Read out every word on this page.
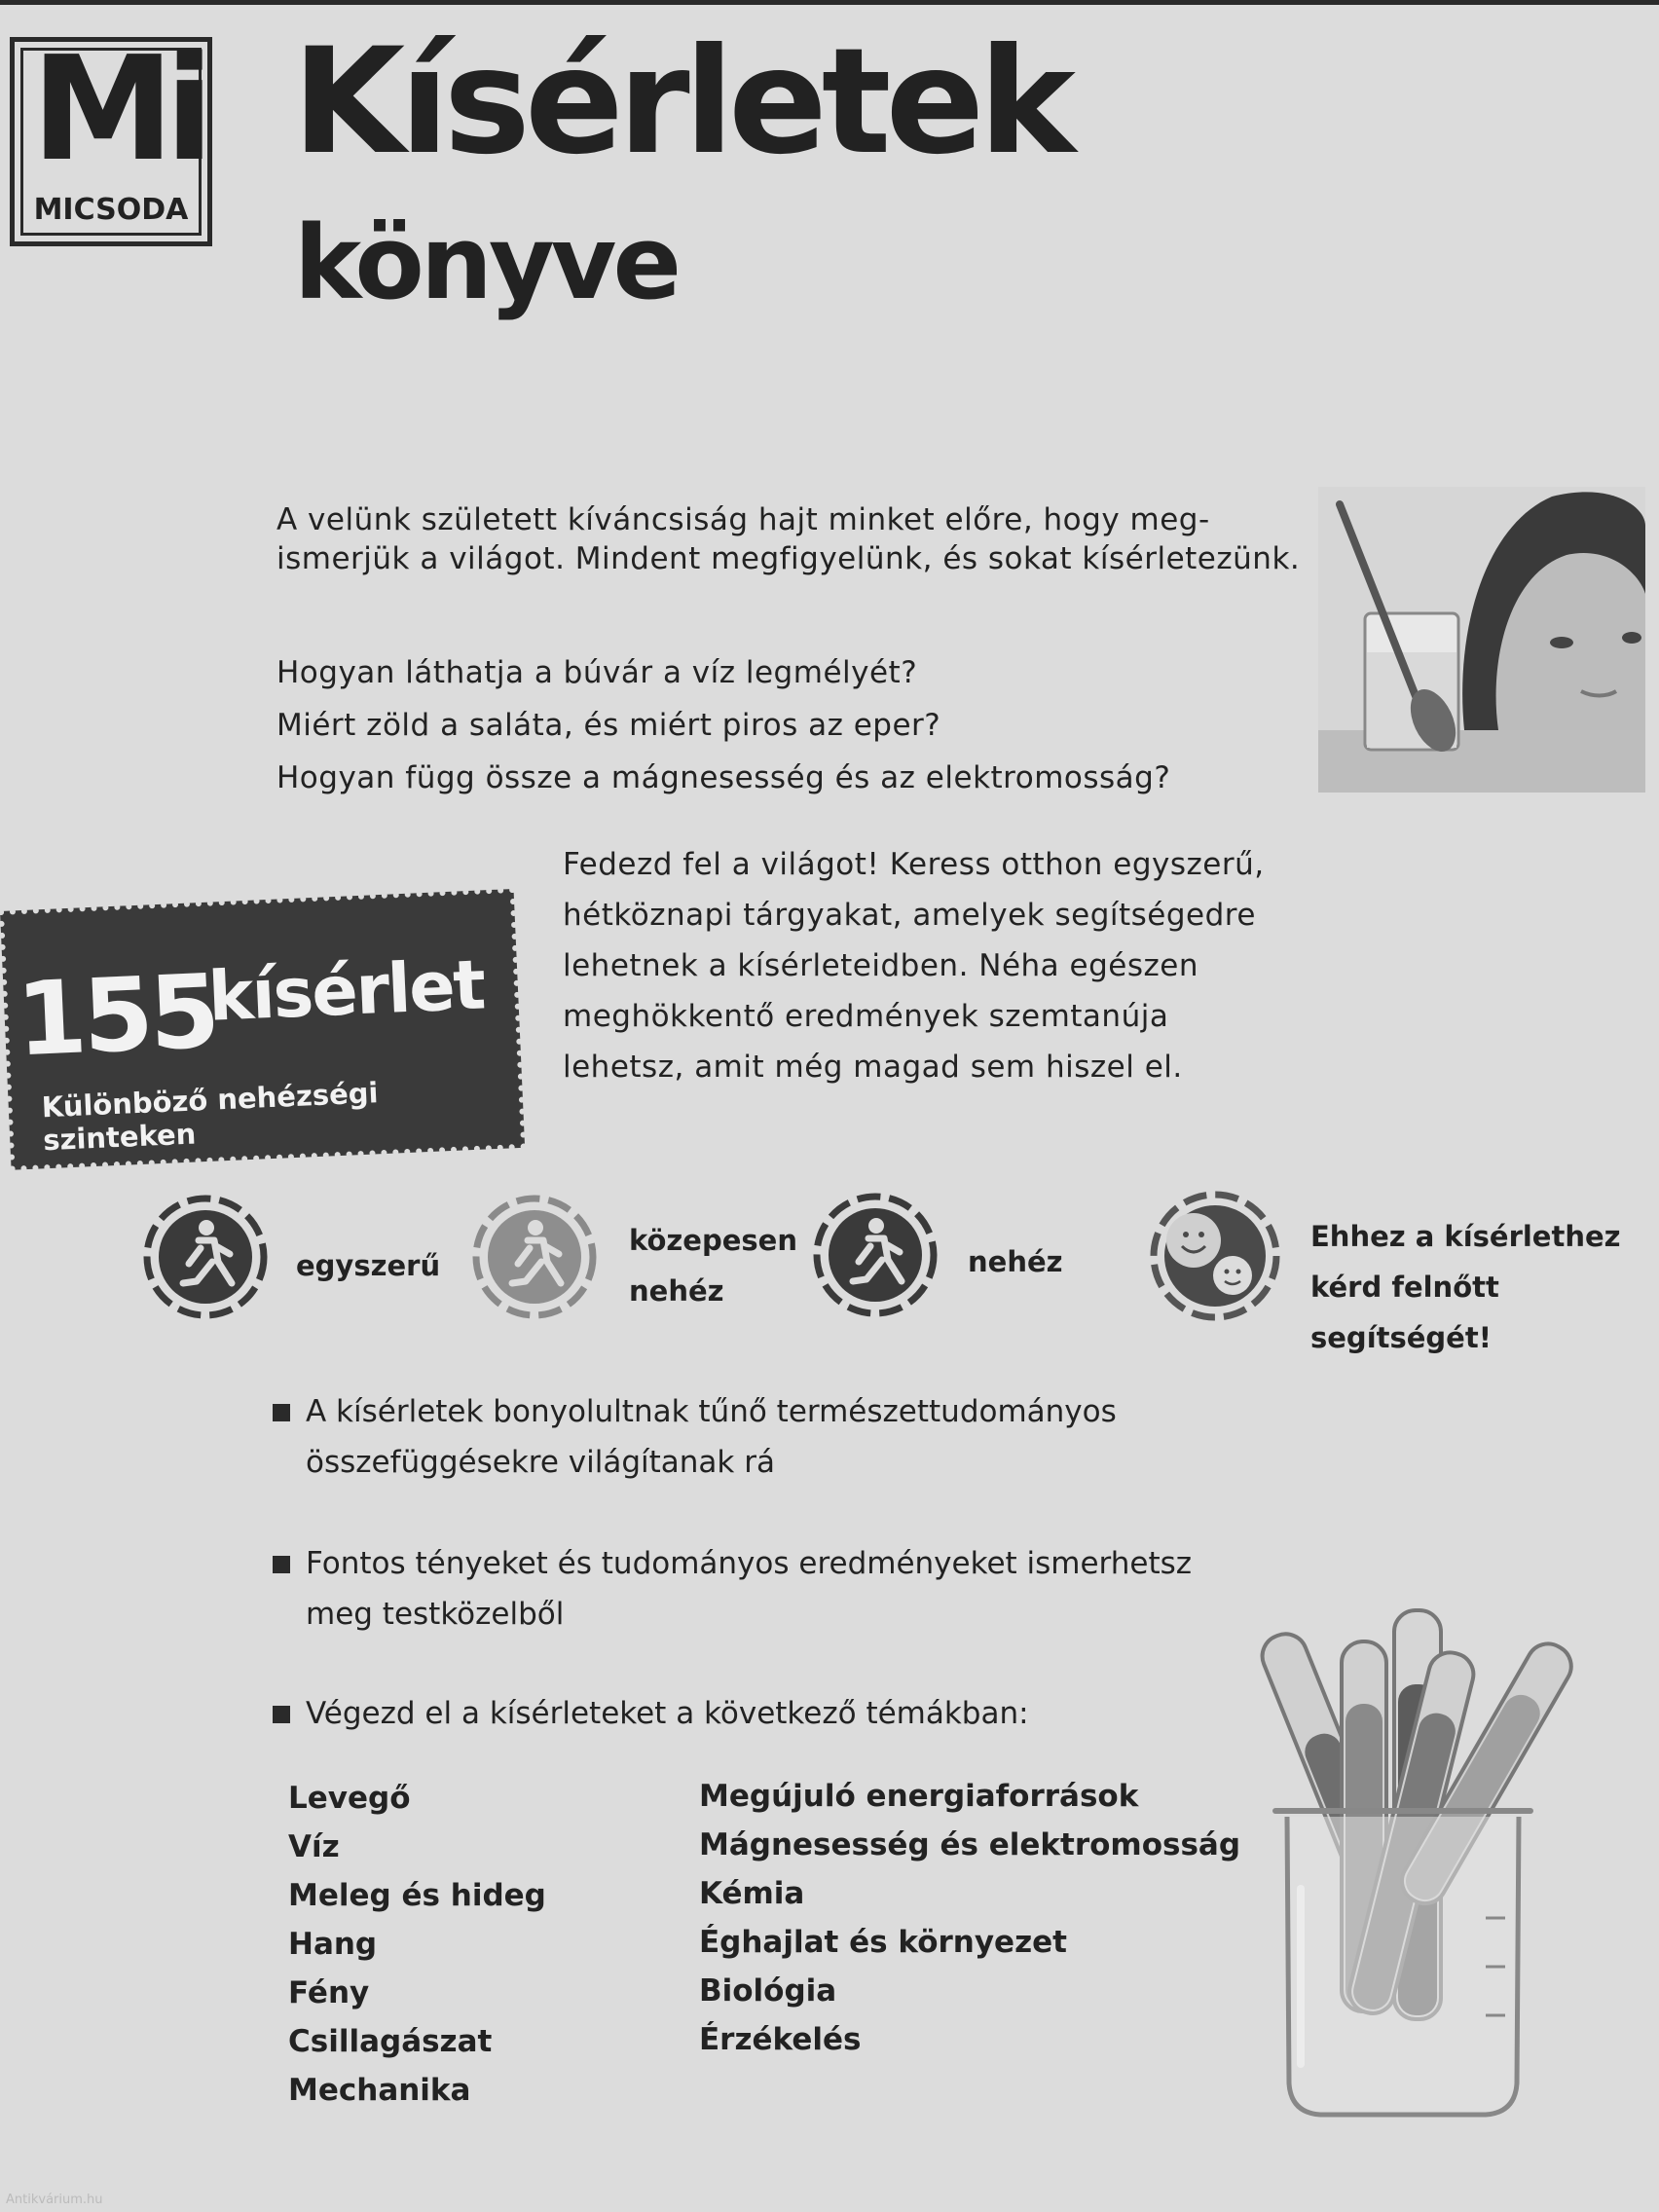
Mi
MICSODA
Kísérletek
könyve
A velünk született kíváncsiság hajt minket előre, hogy meg- ismerjük a világot. Mindent megfigyelünk, és sokat kísérletezünk.
Hogyan láthatja a búvár a víz legmélyét?
Miért zöld a saláta, és miért piros az eper?
Hogyan függ össze a mágnesesség és az elektromosság?
Fedezd fel a világot! Keress otthon egyszerű, hétköznapi tárgyakat, amelyek segítségedre lehetnek a kísérleteidben. Néha egészen meghökkentő eredmények szemtanúja lehetsz, amit még magad sem hiszel el.
155
kísérlet
Különböző nehézségi szinteken
egyszerű
közepesen
nehéz
nehéz
Ehhez a kísérlethez
kérd felnőtt segítségét!
A kísérletek bonyolultnak tűnő természettudományos
összefüggésekre világítanak rá
Fontos tényeket és tudományos eredményeket ismerhetsz
meg testközelből
Végezd el a kísérleteket a következő témákban:
Levegő
Víz
Meleg és hideg
Hang
Fény
Csillagászat
Mechanika
Megújuló energiaforrások
Mágnesesség és elektromosság
Kémia
Éghajlat és környezet
Biológia
Érzékelés
Antikvárium.hu
